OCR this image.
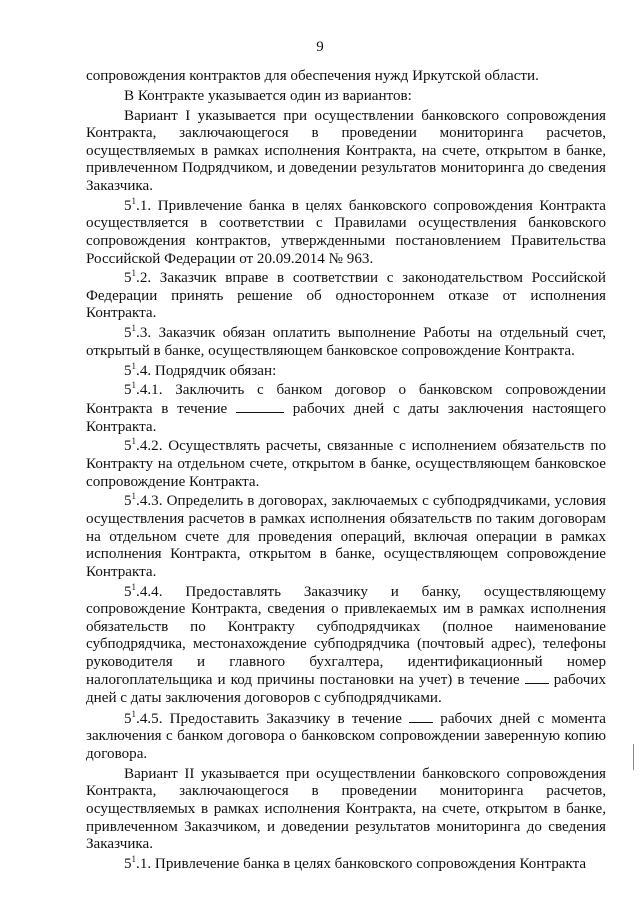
9

сопровождения контрактов для обеспечения нужд Иркутской области.

В Контракте указывается один из вариантов:

Вариант I указывается при осуществлении банковского сопровождения Контракта, заключающегося в проведении мониторинга расчетов, осуществляемых в рамках исполнения Контракта, на счете, открытом в банке, привлеченном Подрядчиком, и доведении результатов мониторинга до сведения Заказчика.

$5^1.1$. Привлечение банка в целях банковского сопровождения Контракта осуществляется в соответствии с Правилами осуществления банковского сопровождения контрактов, утвержденными постановлением Правительства Российской Федерации от 20.09.2014 № 963.

$5^1.2$. Заказчик вправе в соответствии с законодательством Российской Федерации принять решение об одностороннем отказе от исполнения Контракта.

$5^1.3$. Заказчик обязан оплатить выполнение Работы на отдельный счет, открытый в банке, осуществляющем банковское сопровождение Контракта.

$5^1.4$. Подрядчик обязан:

$5^1.4.1$. Заключить с банком договор о банковском сопровождении Контракта в течение	рабочих дней с даты заключения настоящего Контракта.

$5^1.4.2$. Осуществлять расчеты, связанные с исполнением обязательств по Контракту на отдельном счете, открытом в банке, осуществляющем банковское сопровождение Контракта.

$5^1.4.3$. Определить в договорах, заключаемых с субподрядчиками, условия осуществления расчетов в рамках исполнения обязательств по таким договорам на отдельном счете для проведения операций, включая операции в рамках исполнения Контракта, открытом в банке, осуществляющем сопровождение Контракта.

$5^1.4.4$. Предоставлять Заказчику и банку, осуществляющему сопровождение Контракта, сведения о привлекаемых им в рамках исполнения обязательств по Контракту субподрядчиках (полное наименование субподрядчика, местонахождение субподрядчика (почтовый адрес), телефоны руководителя и главного бухгалтера, идентификационный номер налогоплательщика и код причины постановки на учет) в течение  рабочих дней с даты заключения договоров с субподрядчиками.

$5^1.4.5$. Предоставить Заказчику в течение  рабочих дней с момента заключения с банком договора о банковском сопровождении заверенную копию договора.

Вариант II указывается при осуществлении банковского сопровождения Контракта, заключающегося в проведении мониторинга расчетов, осуществляемых в рамках исполнения Контракта, на счете, открытом в банке, привлеченном Заказчиком, и доведении результатов мониторинга до сведения Заказчика.

$5^1.1$. Привлечение банка в целях банковского сопровождения Контракта
